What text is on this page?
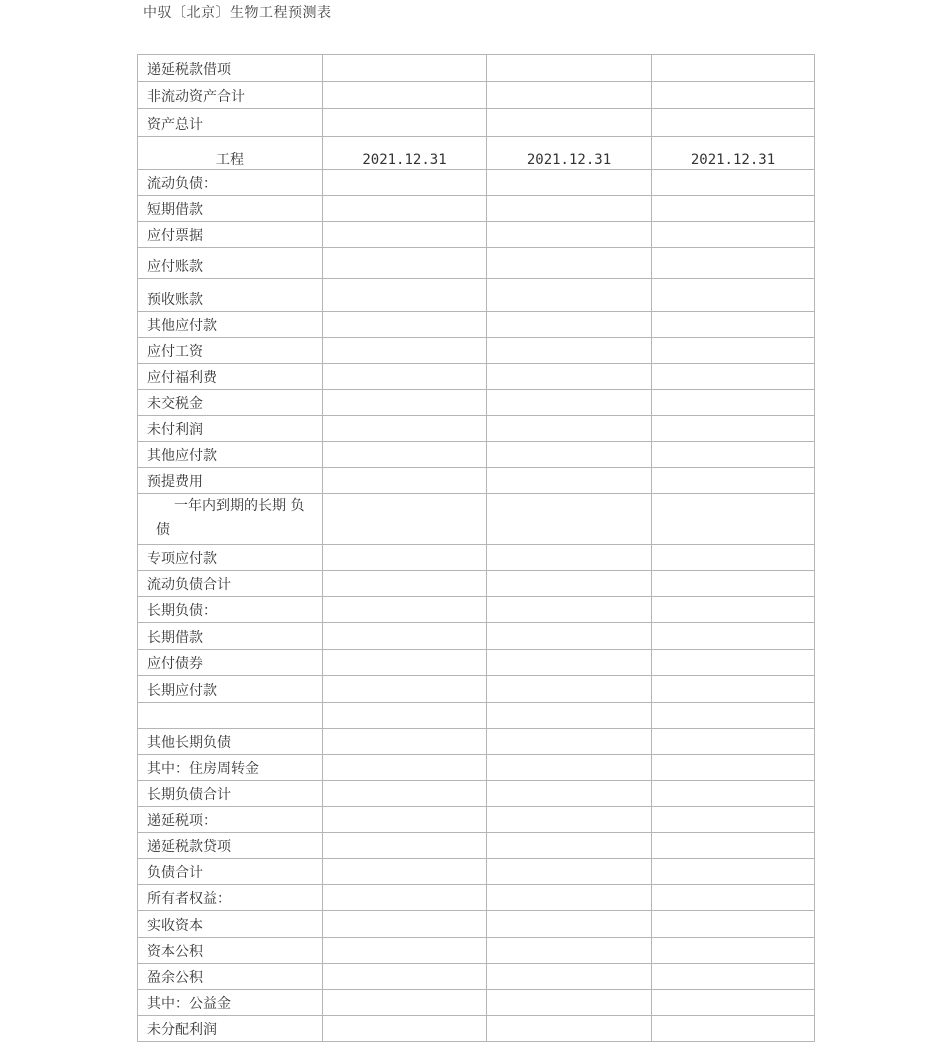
中驭〔北京〕生物工程预测表
递延税款借项			
非流动资产合计			
资产总计			
工程	2021.12.31	2021.12.31	2021.12.31
流动负债：			
短期借款			
应付票据			
应付账款			
预收账款			
其他应付款			
应付工资			
应付福利费			
未交税金			
未付利润			
其他应付款			
预提费用			

一年内到期的长期 负
债			

专项应付款			
流动负债合计			
长期负债：			
长期借款			
应付债券			
长期应付款			

其他长期负债			
其中：住房周转金			
长期负债合计			
递延税项：			
递延税款贷项			
负债合计			
所有者权益：			
实收资本			
资本公积			
盈余公积			
其中：公益金			
未分配利润			
